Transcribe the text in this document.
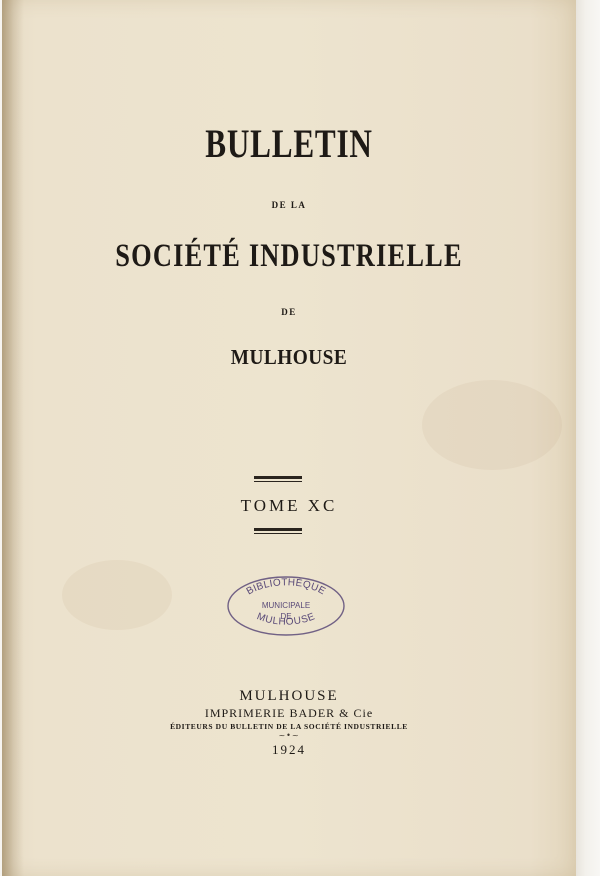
BULLETIN
DE LA
SOCIÉTÉ INDUSTRIELLE
DE
MULHOUSE
TOME XC
BIBLIOTHÈQUE
MUNICIPALE
DE
MULHOUSE
MULHOUSE
IMPRIMERIE BADER & Cie
ÉDITEURS DU BULLETIN DE LA SOCIÉTÉ INDUSTRIELLE
~•~
1924
